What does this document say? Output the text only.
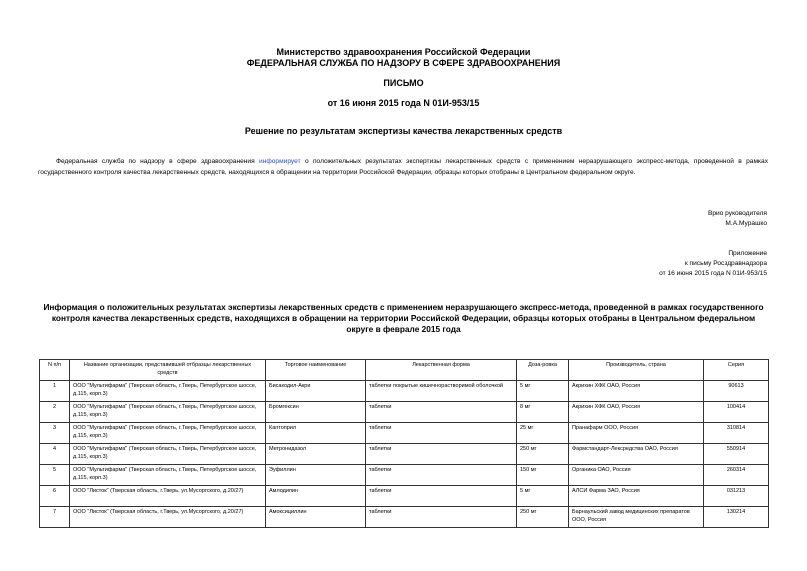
Министерство здравоохранения Российской Федерации
ФЕДЕРАЛЬНАЯ СЛУЖБА ПО НАДЗОРУ В СФЕРЕ ЗДРАВООХРАНЕНИЯ
ПИСЬМО
от 16 июня 2015 года N 01И-953/15
Решение по результатам экспертизы качества лекарственных средств
Федеральная служба по надзору в сфере здравоохранения информирует о положительных результатах экспертизы лекарственных средств с применением неразрушающего экспресс-метода, проведенной в рамках государственного контроля качества лекарственных средств, находящихся в обращении на территории Российской Федерации, образцы которых отобраны в Центральном федеральном округе.
Врио руководителя
М.А.Мурашко
Приложение
к письму Росздравнадзора
от 16 июня 2015 года N 01И-953/15
Информация о положительных результатах экспертизы лекарственных средств с применением неразрушающего экспресс-метода, проведенной в рамках государственного контроля качества лекарственных средств, находящихся в обращении на территории Российской Федерации, образцы которых отобраны в Центральном федеральном округе в феврале 2015 года
N п/п	Название организации, представившей отбразцы лекарственных средств	Торговое наименование	Лекарственная форма	Доза-ровка	Производитель, страна	Серия
1	ООО "Мультифарма" (Тверская область, г.Тверь, Петербургское шоссе, д.115, корп.3)	Бисакодил-Акри	таблетки покрытые кишечнорастворимой оболочкой	5 мг	Акрихин ХФК ОАО, Россия	90613
2	ООО "Мультифарма" (Тверская область, г.Тверь, Петербургское шоссе, д.115, корп.3)	Бромгексин	таблетки	8 мг	Акрихин ХФК ОАО, Россия	100414
3	ООО "Мультифарма" (Тверская область, г.Тверь, Петербургское шоссе, д.115, корп.3)	Каптоприл	таблетки	25 мг	Пранафарм ООО, Россия	310814
4	ООО "Мультифарма" (Тверская область, г.Тверь, Петербургское шоссе, д.115, корп.3)	Метронидазол	таблетки	250 мг	Фармстандарт-Лексредства ОАО, Россия	550914
5	ООО "Мультифарма" (Тверская область, г.Тверь, Петербургское шоссе, д.115, корп.3)	Эуфиллин	таблетки	150 мг	Органика ОАО, Россия	260314
6	ООО "Листок" (Тверская область, г.Тверь, ул.Мусоргского, д.20/27)	Амлодипин	таблетки	5 мг	АЛСИ Фарма ЗАО, Россия	031213
7	ООО "Листок" (Тверская область, г.Тверь, ул.Мусоргского, д.20/27)	Амоксициллин	таблетки	250 мг	Барнаульский завод медицинских препаратов ООО, Россия	130214
